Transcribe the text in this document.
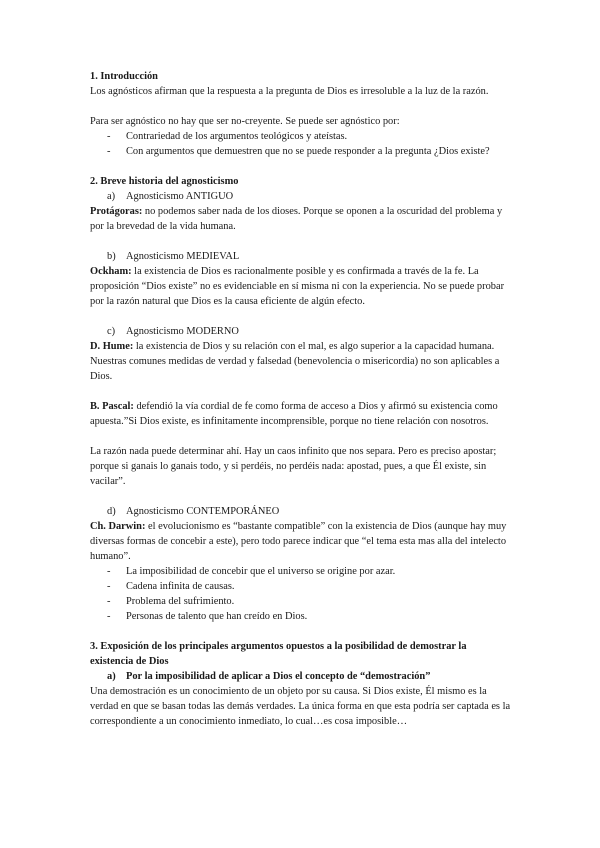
1. Introducción

Los agnósticos afirman que la respuesta a la pregunta de Dios es irresoluble a la luz de la razón.

Para ser agnóstico no hay que ser no-creyente. Se puede ser agnóstico por:

-	Contrariedad de los argumentos teológicos y ateístas.
-	Con argumentos que demuestren que no se puede responder a la pregunta ¿Dios existe?

2. Breve historia del agnosticismo

a)	Agnosticismo ANTIGUO

Protágoras: no podemos saber nada de los dioses. Porque se oponen a la oscuridad del problema y por la brevedad de la vida humana.

b) Agnosticismo MEDIEVAL

Ockham: la existencia de Dios es racionalmente posible y es confirmada a través de la fe. La proposición “Dios existe” no es evidenciable en sí misma ni con la experiencia. No se puede probar por la razón natural que Dios es la causa eficiente de algún efecto.

c)	Agnosticismo MODERNO

D. Hume: la existencia de Dios y su relación con el mal, es algo superior a la capacidad humana. Nuestras comunes medidas de verdad y falsedad (benevolencia o misericordia) no son aplicables a Dios.

B. Pascal: defendió la vía cordial de fe como forma de acceso a Dios y afirmó su existencia como apuesta.”Si Dios existe, es infinitamente incomprensible, porque no tiene relación con nosotros.

La razón nada puede determinar ahí. Hay un caos infinito que nos separa. Pero es preciso apostar; porque si ganais lo ganais todo, y si perdéis, no perdéis nada: apostad, pues, a que Él existe, sin vacilar”.

d) Agnosticismo CONTEMPORÁNEO

Ch. Darwin: el evolucionismo es “bastante compatible” con la existencia de Dios (aunque hay muy diversas formas de concebir a este), pero todo parece indicar que “el tema esta mas alla del intelecto humano”.

-	La imposibilidad de concebir que el universo se origine por azar.
-	Cadena infinita de causas.
-	Problema del sufrimiento.
-	Personas de talento que han creído en Dios.

3. Exposición de los principales argumentos opuestos a la posibilidad de demostrar la existencia de Dios

a) Por la imposibilidad de aplicar a Dios el concepto de “demostración”

Una demostración es un conocimiento de un objeto por su causa. Si Dios existe, Él mismo es la verdad en que se basan todas las demás verdades. La única forma en que esta podría ser captada es la correspondiente a un conocimiento inmediato, lo cual…es cosa imposible…
